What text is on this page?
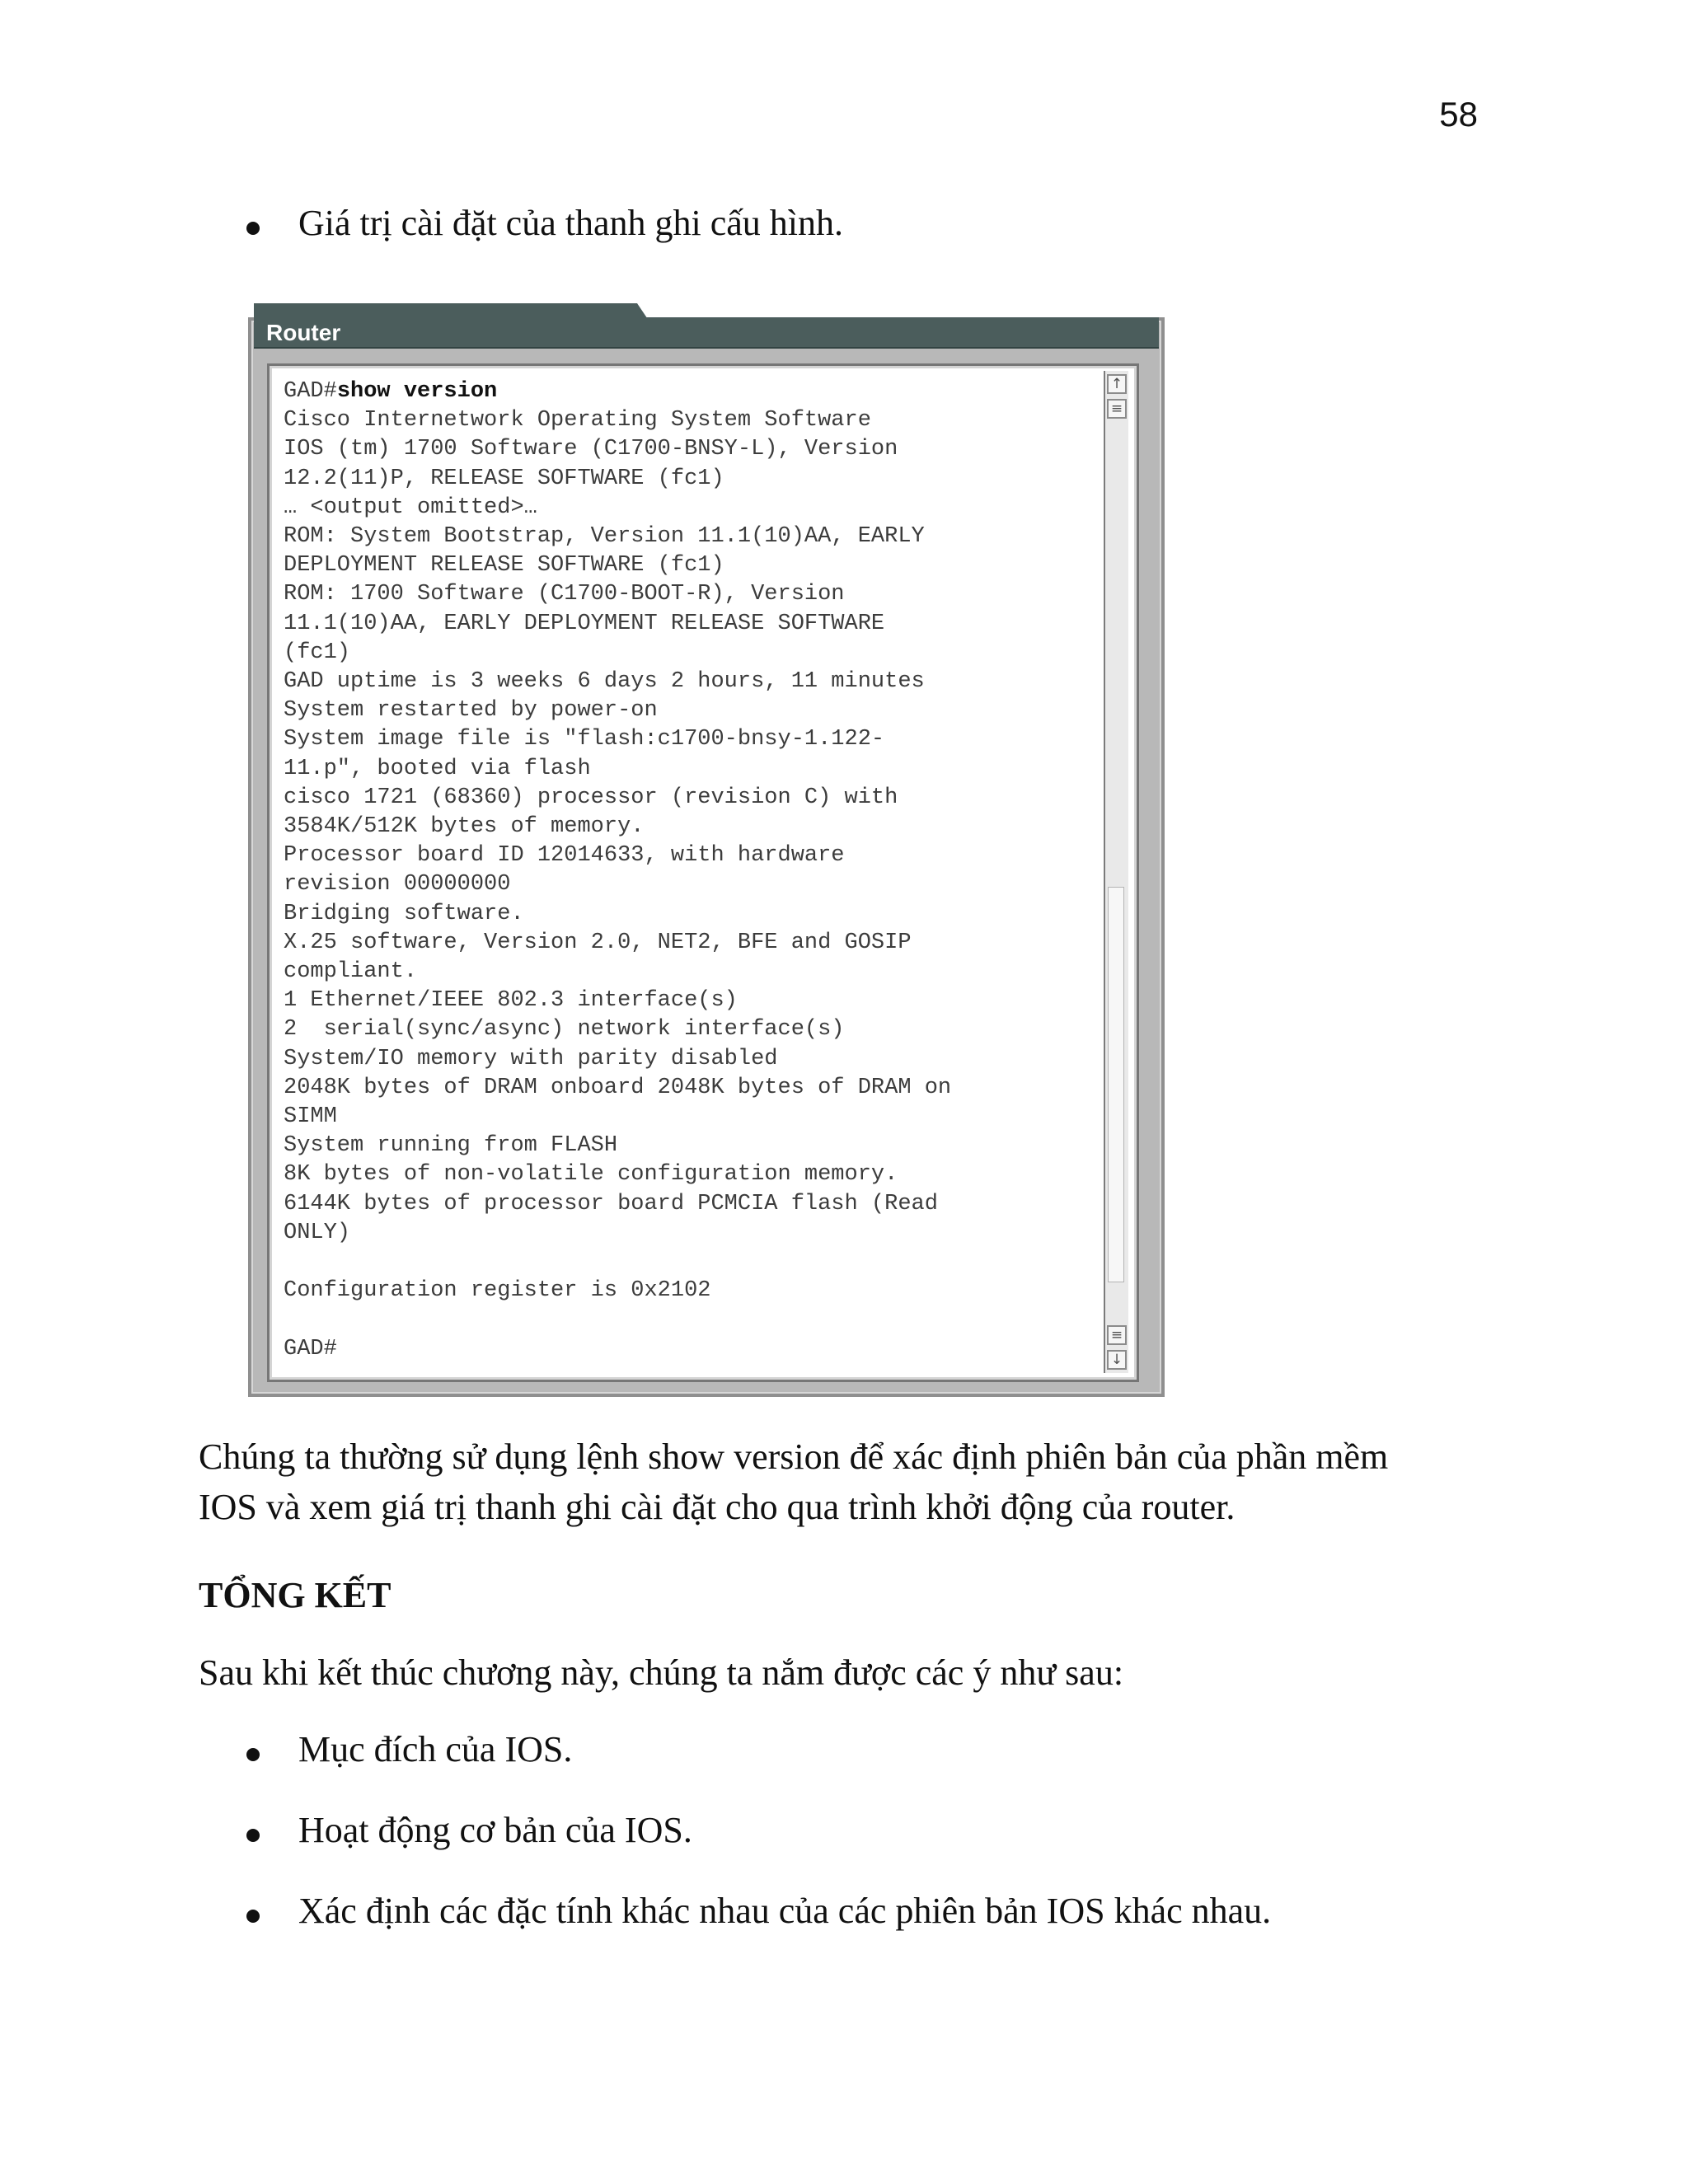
58
Giá trị cài đặt của thanh ghi cấu hình.
Router
GAD#show version
Cisco Internetwork Operating System Software
IOS (tm) 1700 Software (C1700-BNSY-L), Version
12.2(11)P, RELEASE SOFTWARE (fc1)
… <output omitted>…
ROM: System Bootstrap, Version 11.1(10)AA, EARLY
DEPLOYMENT RELEASE SOFTWARE (fc1)
ROM: 1700 Software (C1700-BOOT-R), Version
11.1(10)AA, EARLY DEPLOYMENT RELEASE SOFTWARE
(fc1)
GAD uptime is 3 weeks 6 days 2 hours, 11 minutes
System restarted by power-on
System image file is "flash:c1700-bnsy-1.122-
11.p", booted via flash
cisco 1721 (68360) processor (revision C) with
3584K/512K bytes of memory.
Processor board ID 12014633, with hardware
revision 00000000
Bridging software.
X.25 software, Version 2.0, NET2, BFE and GOSIP
compliant.
1 Ethernet/IEEE 802.3 interface(s)
2  serial(sync/async) network interface(s)
System/IO memory with parity disabled
2048K bytes of DRAM onboard 2048K bytes of DRAM on
SIMM
System running from FLASH
8K bytes of non-volatile configuration memory.
6144K bytes of processor board PCMCIA flash (Read
ONLY)
Configuration register is 0x2102
GAD#
↑
≡
≡
↓
Chúng ta thường sử dụng lệnh show version để xác định phiên bản của phần mềm
IOS và xem giá trị thanh ghi cài đặt cho qua trình khởi động của router.
TỔNG KẾT
Sau khi kết thúc chương này, chúng ta nắm được các ý như sau:
Mục đích của IOS.
Hoạt động cơ bản của IOS.
Xác định các đặc tính khác nhau của các phiên bản IOS khác nhau.
